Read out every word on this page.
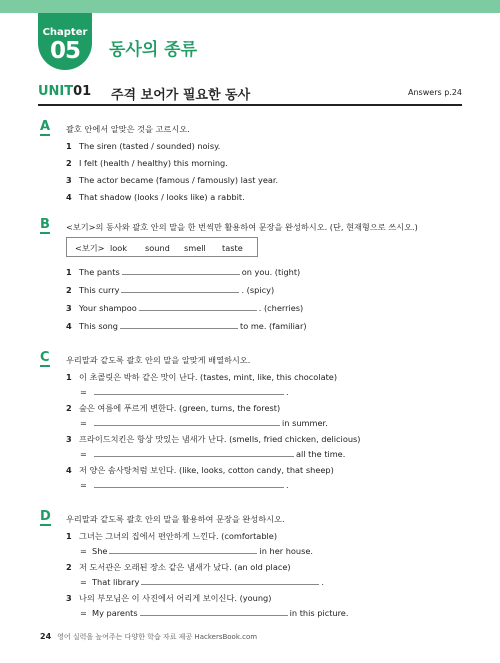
Chapter
05	동사의 종류
UNIT01 주격 보어가 필요한 동사	Answers p.24
A 괄호 안에서 알맞은 것을 고르시오.
1 The siren (tasted / sounded) noisy.
2 I felt (health / healthy) this morning.
3 The actor became (famous / famously) last year.
4 That shadow (looks / looks like) a rabbit.
B <보기>의 동사와 괄호 안의 말을 한 번씩만 활용하여 문장을 완성하시오. (단, 현재형으로 쓰시오.)
<보기> look sound smell taste
1 The pants	on you. (tight)
2 This curry	. (spicy)
3 Your shampoo	. (cherries)
4 This song	to me. (familiar)
C 우리말과 같도록 괄호 안의 말을 알맞게 배열하시오.
1 이 초콜릿은 박하 같은 맛이 난다. (tastes, mint, like, this chocolate)
=	.
2 숲은 여름에 푸르게 변한다. (green, turns, the forest)
=	in summer.
3 프라이드치킨은 항상 맛있는 냄새가 난다. (smells, fried chicken, delicious)
=	all the time.
4 저 양은 솜사탕처럼 보인다. (like, looks, cotton candy, that sheep)
=	.
D 우리말과 같도록 괄호 안의 말을 활용하여 문장을 완성하시오.
1 그녀는 그녀의 집에서 편안하게 느낀다. (comfortable)
= She	in her house.
2 저 도서관은 오래된 장소 같은 냄새가 났다. (an old place)
= That library	.
3 나의 부모님은 이 사진에서 어리게 보이신다. (young)
= My parents	in this picture.
24 영어 실력을 높여주는 다양한 학습 자료 제공 HackersBook.com
